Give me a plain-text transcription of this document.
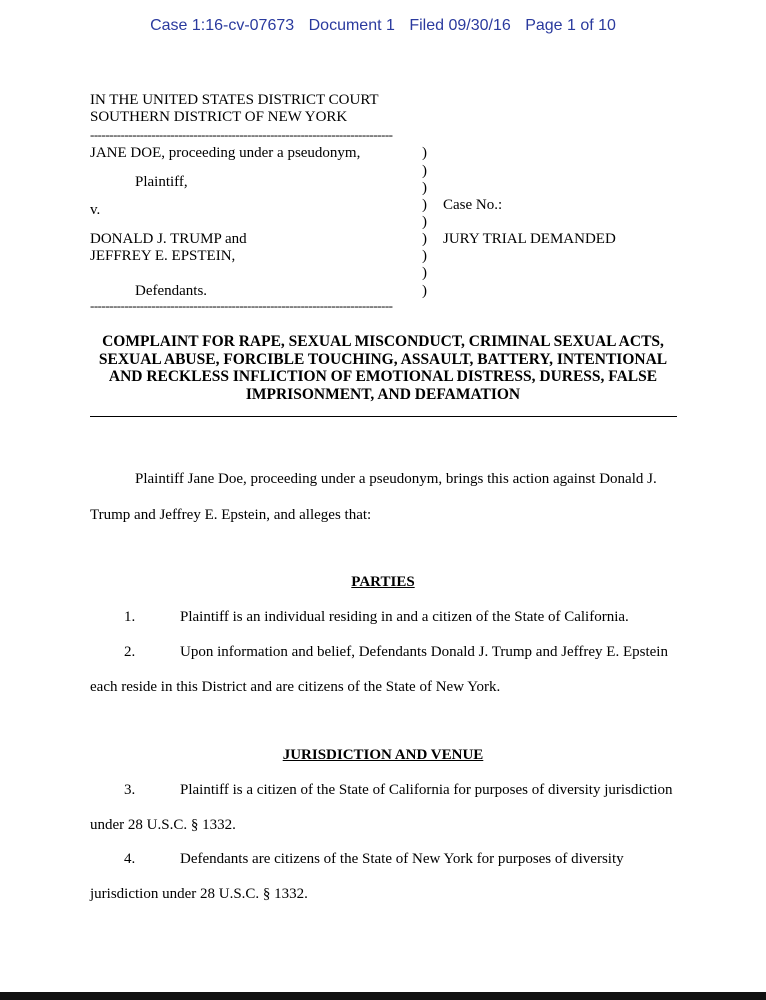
Case 1:16-cv-07673 Document 1 Filed 09/30/16 Page 1 of 10
IN THE UNITED STATES DISTRICT COURT
SOUTHERN DISTRICT OF NEW YORK
-------------------------------------------------------------------------------
JANE DOE, proceeding under a pseudonym,
Plaintiff,
v.
DONALD J. TRUMP and
JEFFREY E. EPSTEIN,
Defendants.
-------------------------------------------------------------------------------
)
)
)
)
)
)
)
)
)
Case No.:
JURY TRIAL DEMANDED
COMPLAINT FOR RAPE, SEXUAL MISCONDUCT, CRIMINAL SEXUAL ACTS, SEXUAL ABUSE, FORCIBLE TOUCHING, ASSAULT, BATTERY, INTENTIONAL AND RECKLESS INFLICTION OF EMOTIONAL DISTRESS, DURESS, FALSE IMPRISONMENT, AND DEFAMATION
Plaintiff Jane Doe, proceeding under a pseudonym, brings this action against Donald J.
Trump and Jeffrey E. Epstein, and alleges that:
PARTIES
1.	Plaintiff is an individual residing in and a citizen of the State of California.
2.	Upon information and belief, Defendants Donald J. Trump and Jeffrey E. Epstein
each reside in this District and are citizens of the State of New York.
JURISDICTION AND VENUE
3.	Plaintiff is a citizen of the State of California for purposes of diversity jurisdiction
under 28 U.S.C. § 1332.
4.	Defendants are citizens of the State of New York for purposes of diversity
jurisdiction under 28 U.S.C. § 1332.
